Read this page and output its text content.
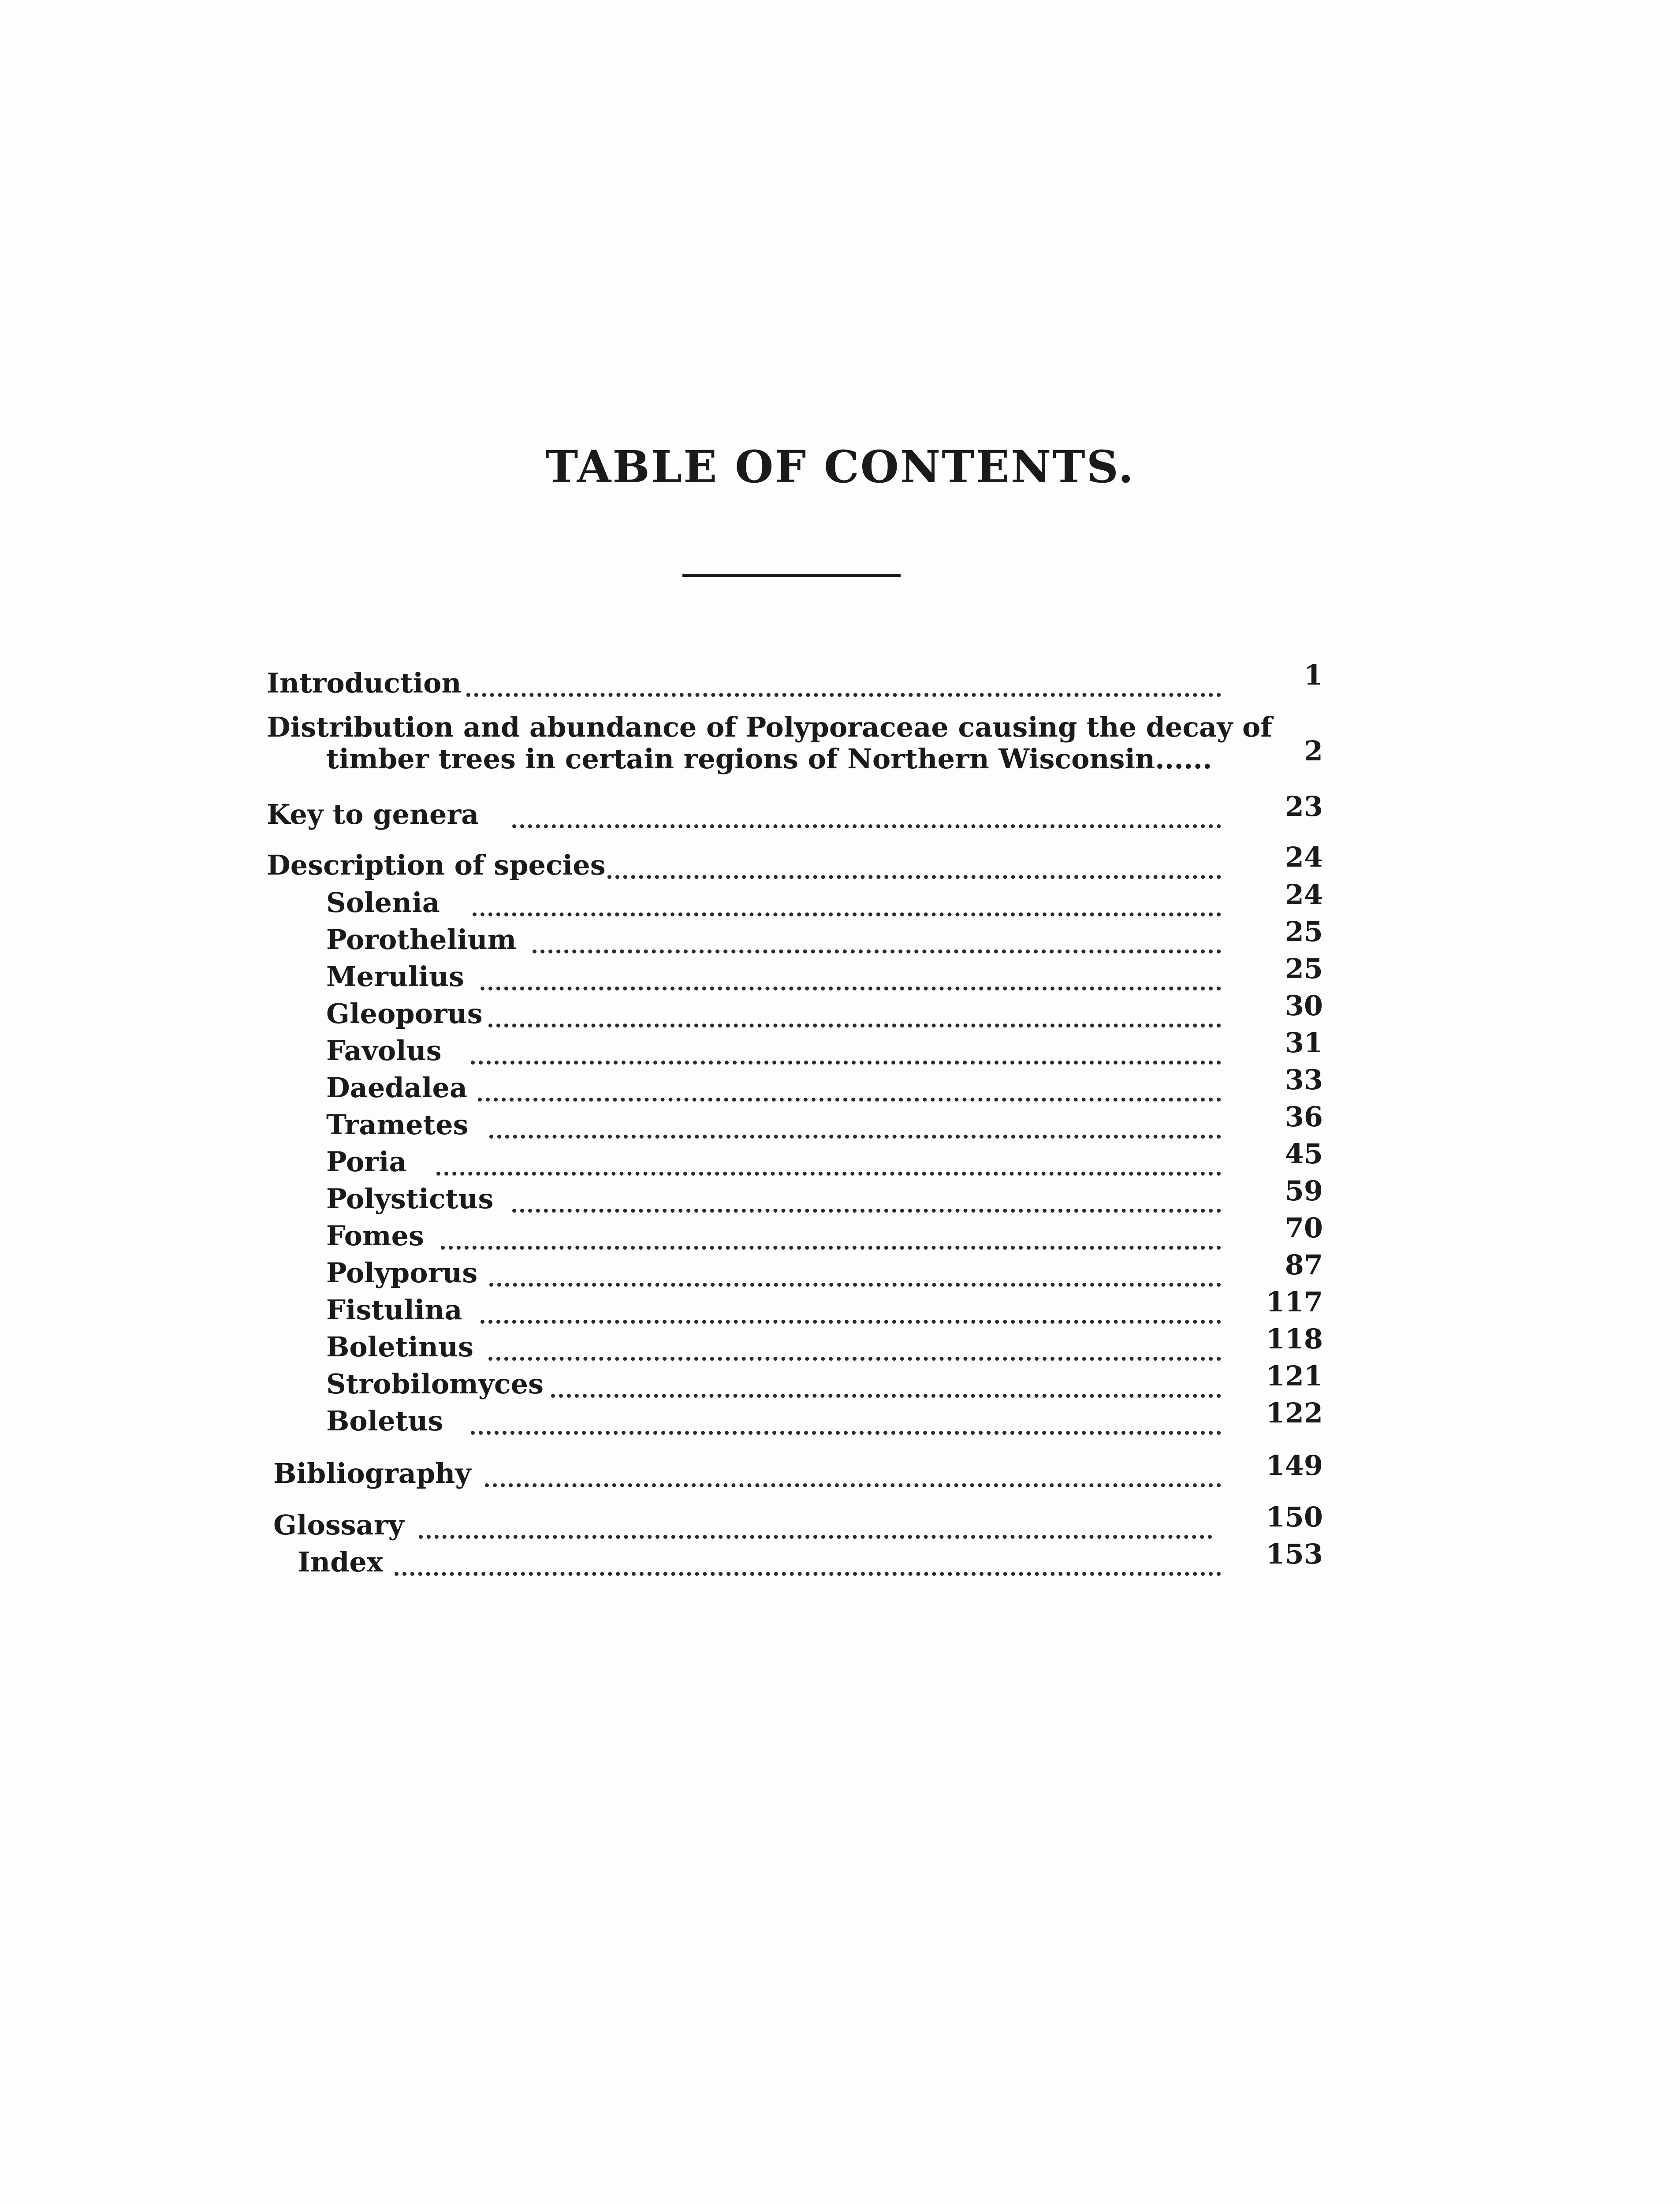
TABLE OF CONTENTS.
Introduction	1
Distribution and abundance of Polyporaceae causing the decay of
timber trees in certain regions of Northern Wisconsin......	2
Key to genera	23
Description of species	24
Solenia	24
Porothelium	25
Merulius	25
Gleoporus	30
Favolus	31
Daedalea	33
Trametes	36
Poria	45
Polystictus	59
Fomes	70
Polyporus	87
Fistulina	117
Boletinus	118
Strobilomyces	121
Boletus	122
Bibliography	149
Glossary	150
Index	153
